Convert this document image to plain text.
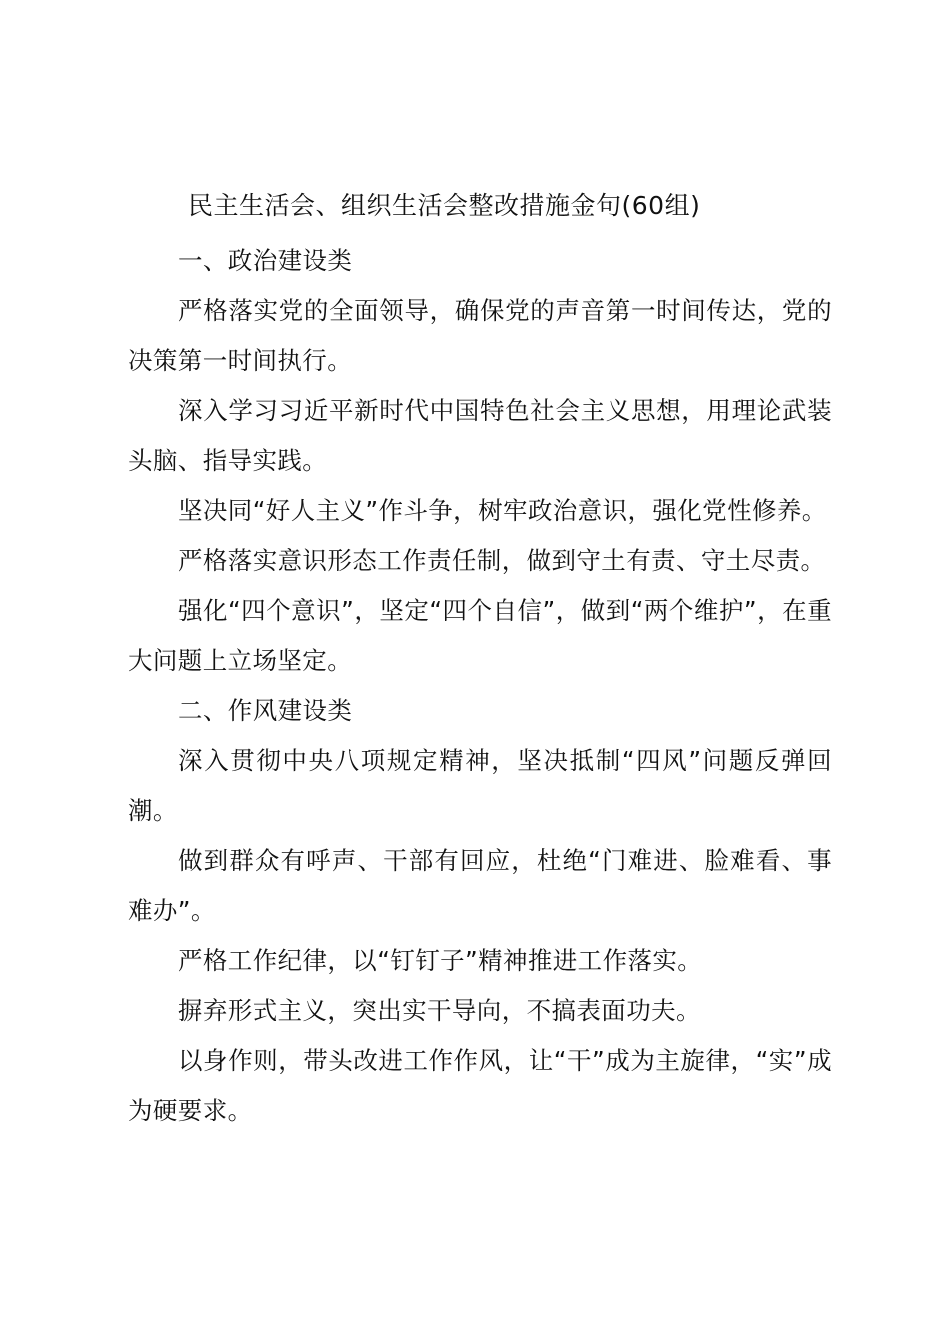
民主生活会、组织生活会整改措施金句(60组)

一、政治建设类

严格落实党的全面领导，确保党的声音第一时间传达，党的决策第一时间执行。

深入学习习近平新时代中国特色社会主义思想，用理论武装头脑、指导实践。

坚决同“好人主义”作斗争，树牢政治意识，强化党性修养。

严格落实意识形态工作责任制，做到守土有责、守土尽责。

强化“四个意识”，坚定“四个自信”，做到“两个维护”，在重大问题上立场坚定。

二、作风建设类

深入贯彻中央八项规定精神，坚决抵制“四风”问题反弹回潮。

做到群众有呼声、干部有回应，杜绝“门难进、脸难看、事难办”。

严格工作纪律，以“钉钉子”精神推进工作落实。

摒弃形式主义，突出实干导向，不搞表面功夫。

以身作则，带头改进工作作风，让“干”成为主旋律，“实”成为硬要求。
